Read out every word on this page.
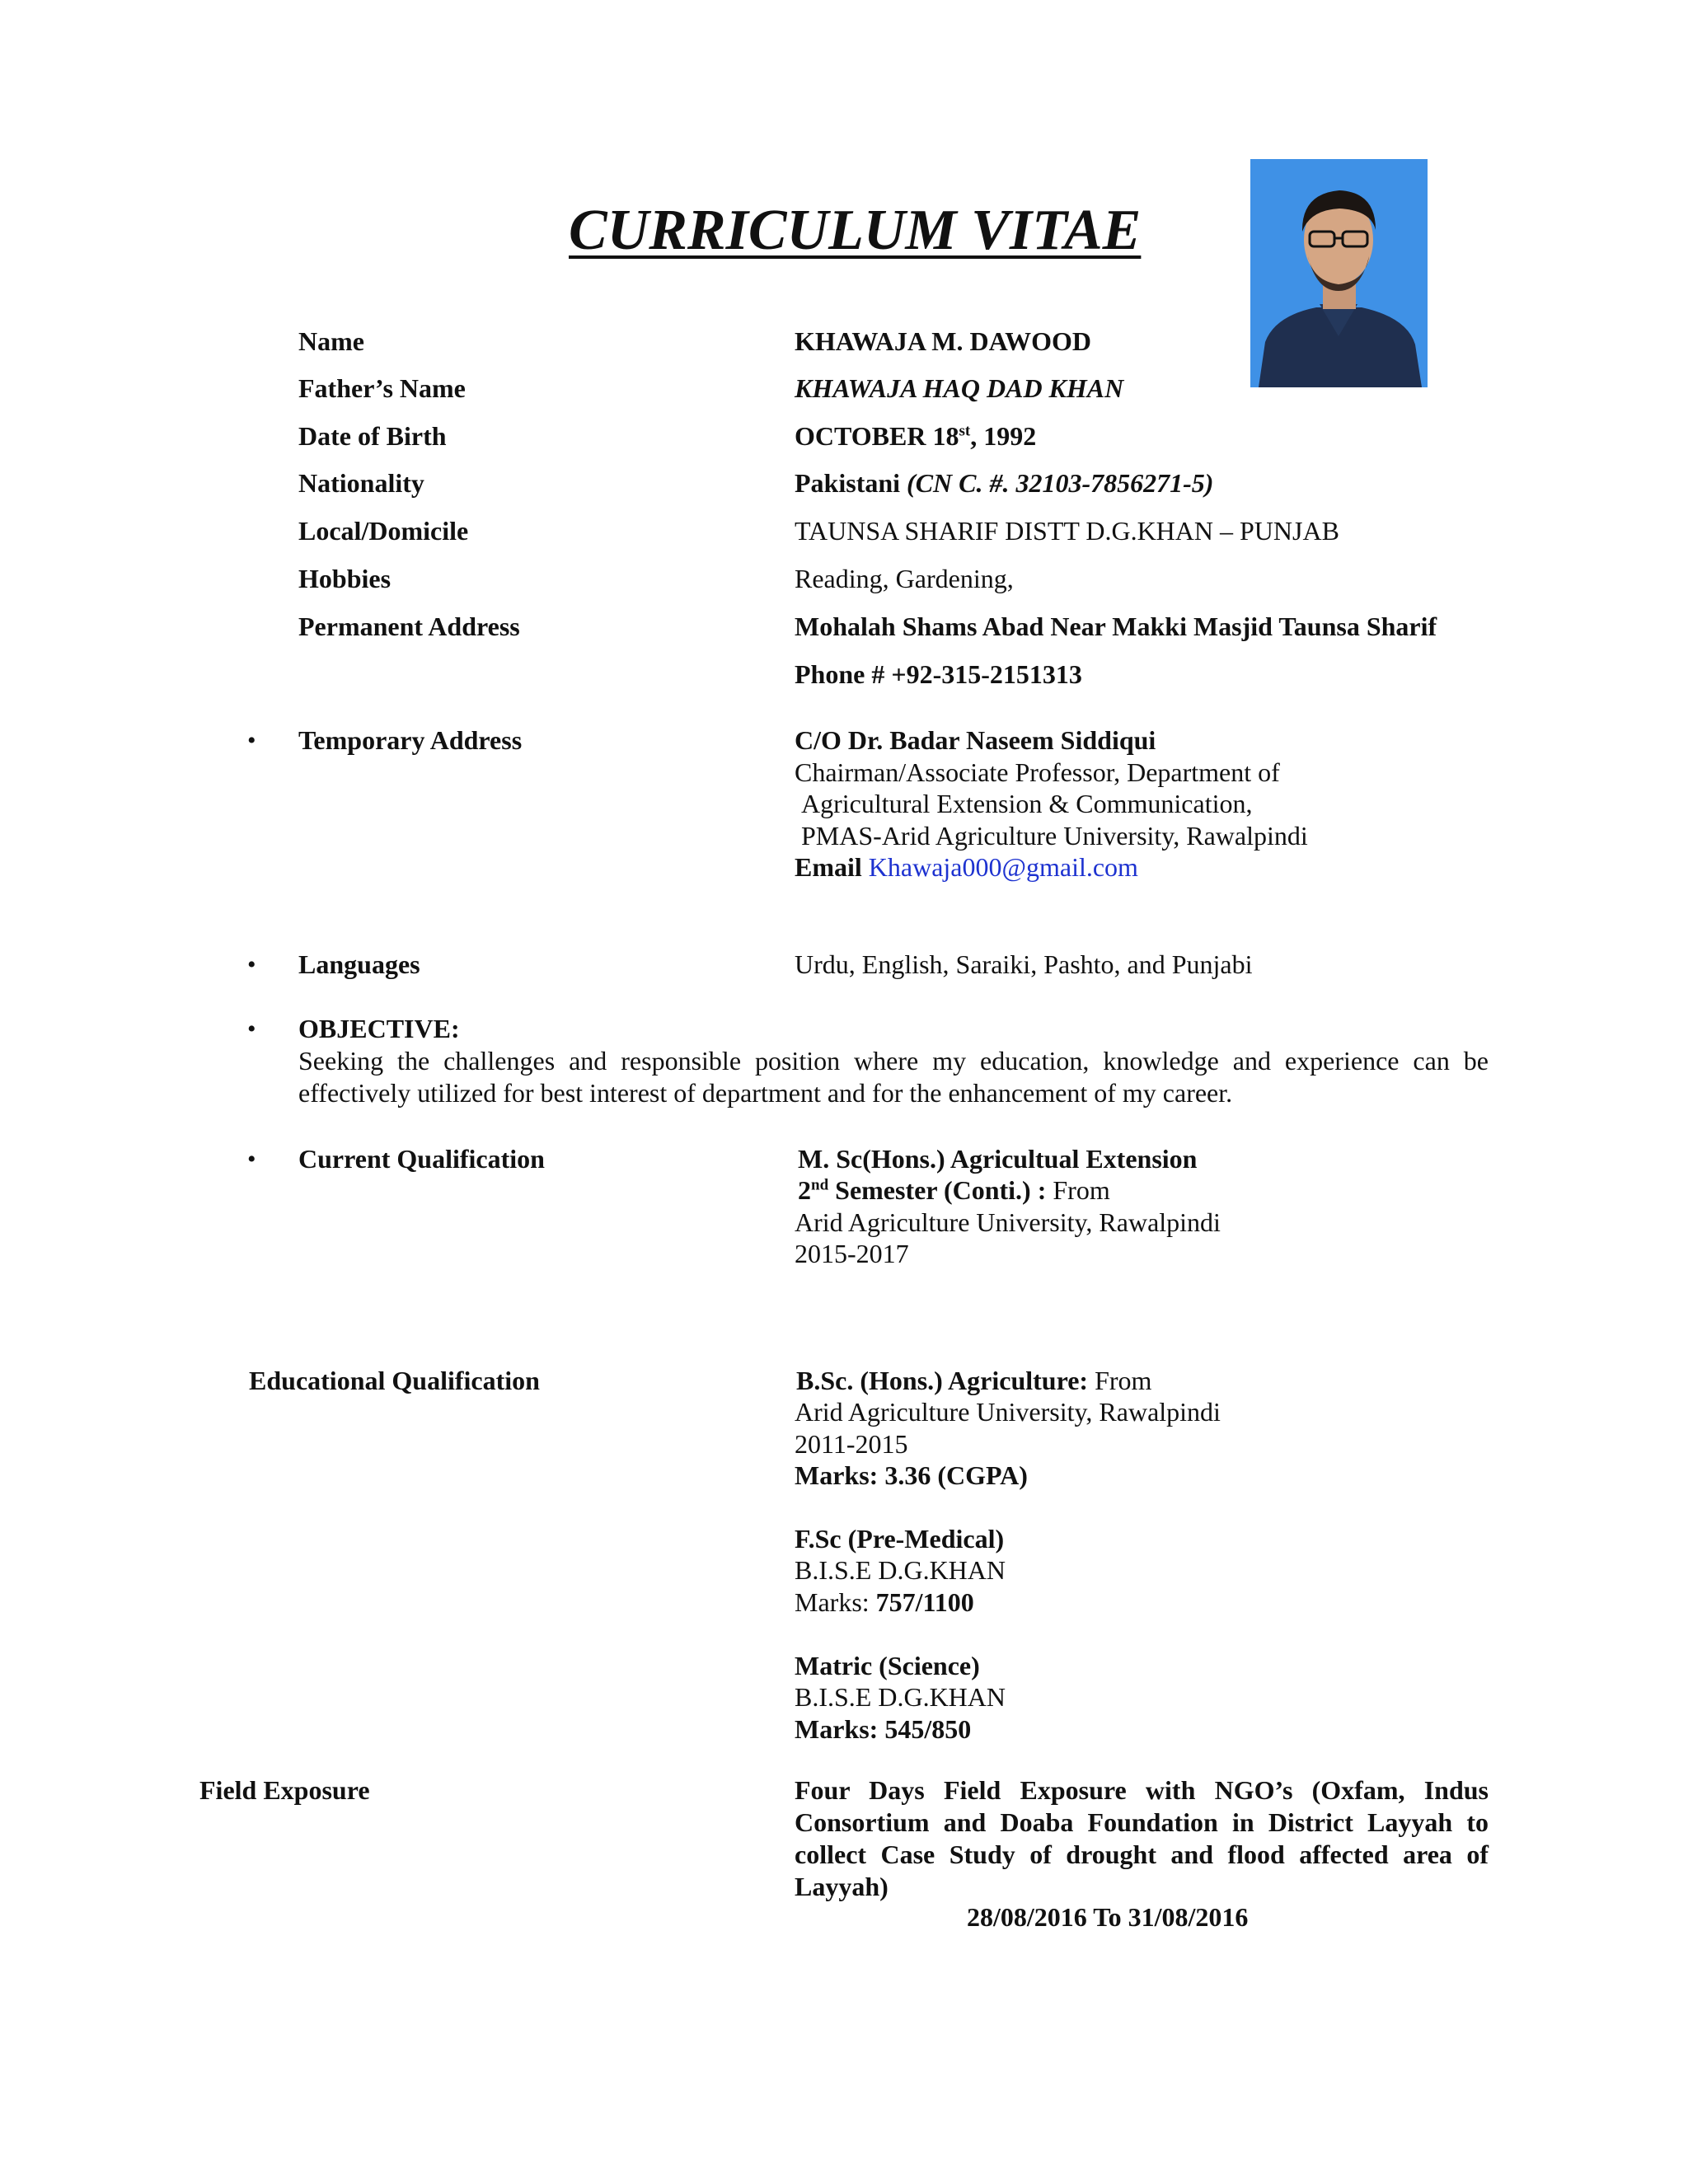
CURRICULUM VITAE
Name	KHAWAJA M. DAWOOD
Father’s Name	KHAWAJA HAQ DAD KHAN
Date of Birth	OCTOBER 18st, 1992
Nationality	Pakistani (CN C. #. 32103-7856271-5)
Local/Domicile	TAUNSA SHARIF DISTT D.G.KHAN – PUNJAB
Hobbies	Reading, Gardening,
Permanent Address	Mohalah Shams Abad Near Makki Masjid Taunsa Sharif
Phone # +92-315-2151313
• Temporary Address	C/O Dr. Badar Naseem Siddiqui
Chairman/Associate Professor, Department of
Agricultural Extension & Communication,
PMAS-Arid Agriculture University, Rawalpindi
Email Khawaja000@gmail.com
• Languages	Urdu, English, Saraiki, Pashto, and Punjabi
• OBJECTIVE:
Seeking the challenges and responsible position where my education, knowledge and experience can be
effectively utilized for best interest of department and for the enhancement of my career.
• Current Qualification	M. Sc(Hons.) Agricultual Extension
2nd Semester (Conti.) : From
Arid Agriculture University, Rawalpindi
2015-2017
Educational Qualification	B.Sc. (Hons.) Agriculture: From
Arid Agriculture University, Rawalpindi
2011-2015
Marks: 3.36 (CGPA)
F.Sc (Pre-Medical)
B.I.S.E D.G.KHAN
Marks: 757/1100
Matric (Science)
B.I.S.E D.G.KHAN
Marks: 545/850
Field Exposure	Four Days Field Exposure with NGO’s (Oxfam, Indus Consortium and Doaba Foundation in District Layyah to collect Case Study of drought and flood affected area of Layyah)
28/08/2016 To 31/08/2016
